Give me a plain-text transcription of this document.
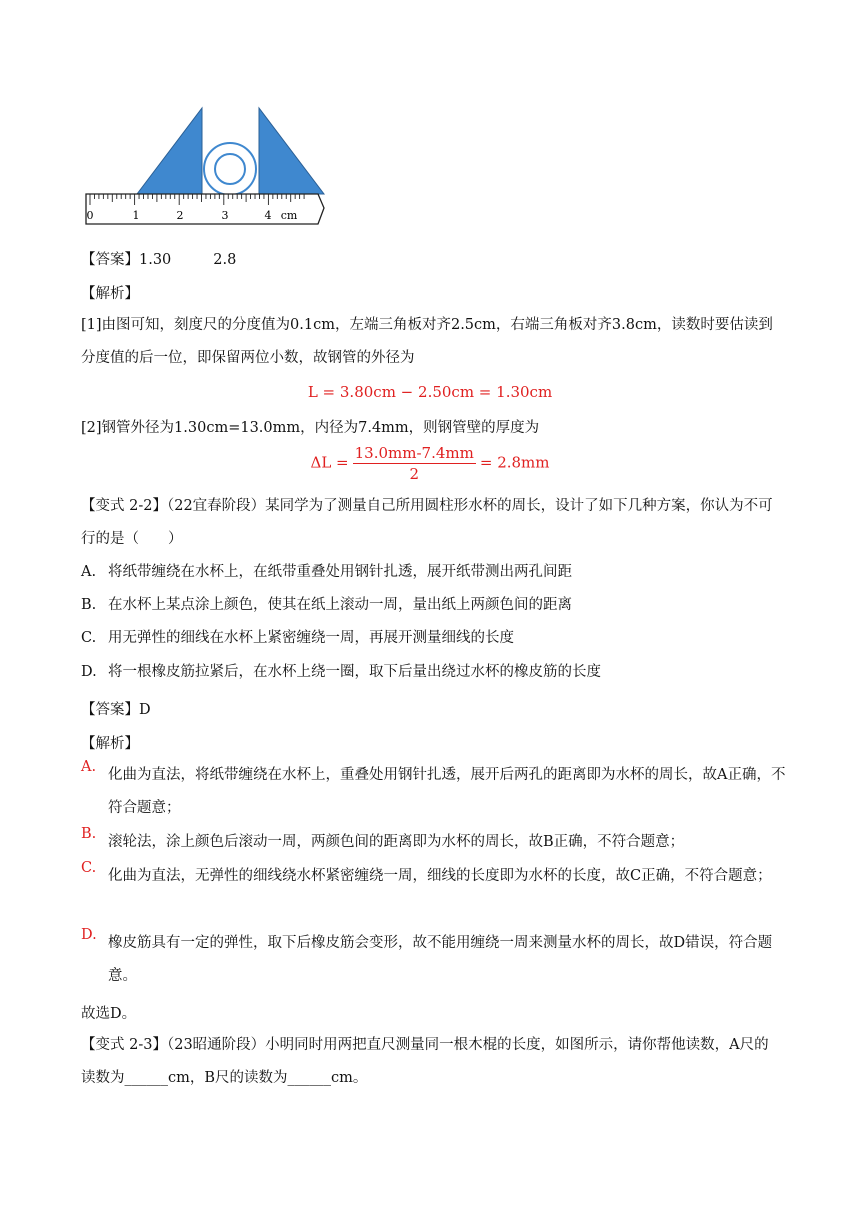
0	1	2	3	4 cm
【答案】1.30	2.8
【解析】
[1]由图可知，刻度尺的分度值为0.1cm，左端三角板对齐2.5cm，右端三角板对齐3.8cm，读数时要估读到分度值的后一位，即保留两位小数，故钢管的外径为
L = 3.80cm − 2.50cm = 1.30cm
[2]钢管外径为1.30cm=13.0mm，内径为7.4mm，则钢管壁的厚度为
$\Delta L = \frac{13.0mm-7.4mm}{2} = 2.8mm$
【变式 2-2】（22宜春阶段）某同学为了测量自己所用圆柱形水杯的周长，设计了如下几种方案，你认为不可行的是（　　）
A. 将纸带缠绕在水杯上，在纸带重叠处用钢针扎透，展开纸带测出两孔间距
B. 在水杯上某点涂上颜色，使其在纸上滚动一周，量出纸上两颜色间的距离
C. 用无弹性的细线在水杯上紧密缠绕一周，再展开测量细线的长度
D. 将一根橡皮筋拉紧后，在水杯上绕一圈，取下后量出绕过水杯的橡皮筋的长度
【答案】D
【解析】
A. 化曲为直法，将纸带缠绕在水杯上，重叠处用钢针扎透，展开后两孔的距离即为水杯的周长，故A正确，不符合题意；
B. 滚轮法，涂上颜色后滚动一周，两颜色间的距离即为水杯的周长，故B正确，不符合题意；
C. 化曲为直法，无弹性的细线绕水杯紧密缠绕一周，细线的长度即为水杯的长度，故C正确，不符合题意；
D. 橡皮筋具有一定的弹性，取下后橡皮筋会变形，故不能用缠绕一周来测量水杯的周长，故D错误，符合题意。
故选D。
【变式 2-3】（23昭通阶段）小明同时用两把直尺测量同一根木棍的长度，如图所示，请你帮他读数，A尺的读数为______cm，B尺的读数为______cm。
